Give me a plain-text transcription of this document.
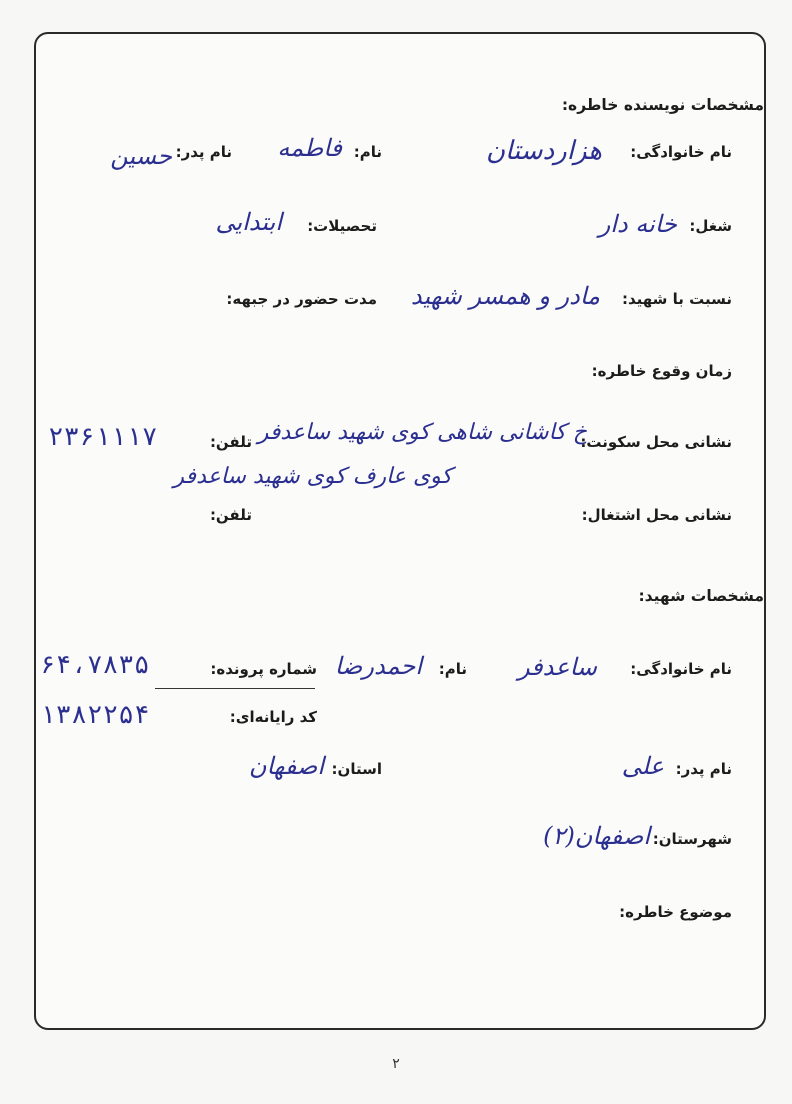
مشخصات نویسنده خاطره:
نام خانوادگی:
هزاردستان
نام:
فاطمه
نام پدر:
حسین
شغل:
خانه دار
تحصیلات:
ابتدایی
نسبت با شهید:
مادر و همسر شهید
مدت حضور در جبهه:
زمان وقوع خاطره:
نشانی محل سکونت:
خ کاشانی شاهی کوی شهید ساعدفر
کوی عارف کوی شهید ساعدفر
تلفن:
۲۳۶۱۱۱۷
نشانی محل اشتغال:
تلفن:
مشخصات شهید:
نام خانوادگی:
ساعدفر
نام:
احمدرضا
شماره پرونده:
۶۴،۷۸۳۵
کد رایانه‌ای:
۱۳۸۲۲۵۴
نام پدر:
علی
استان:
اصفهان
شهرستان:
اصفهان(۲)
موضوع خاطره:
۲
